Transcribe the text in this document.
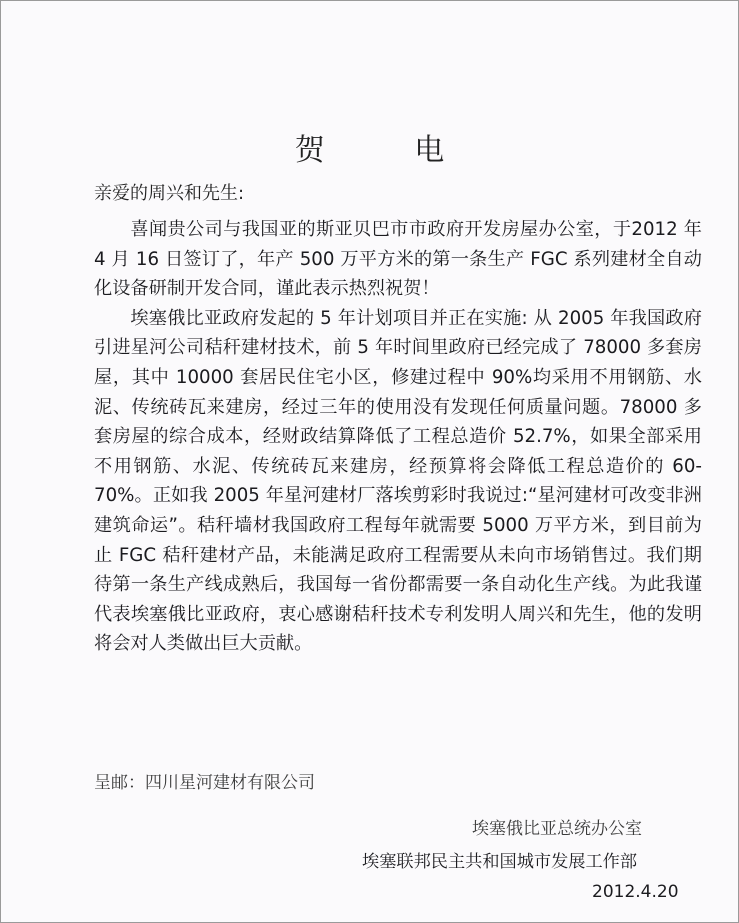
贺 电
亲爱的周兴和先生:

喜闻贵公司与我国亚的斯亚贝巴市市政府开发房屋办公室，于2012 年 4 月 16 日签订了，年产 500 万平方米的第一条生产 FGC 系列建材全自动化设备研制开发合同，谨此表示热烈祝贺！

埃塞俄比亚政府发起的 5 年计划项目并正在实施: 从 2005 年我国政府引进星河公司秸秆建材技术，前 5 年时间里政府已经完成了 78000 多套房屋，其中 10000 套居民住宅小区，修建过程中 90%均采用不用钢筋、水泥、传统砖瓦来建房，经过三年的使用没有发现任何质量问题。78000 多套房屋的综合成本，经财政结算降低了工程总造价 52.7%，如果全部采用不用钢筋、水泥、传统砖瓦来建房，经预算将会降低工程总造价的 60-70%。正如我 2005 年星河建材厂落埃剪彩时我说过:“星河建材可改变非洲建筑命运”。秸秆墙材我国政府工程每年就需要 5000 万平方米，到目前为止 FGC 秸秆建材产品，未能满足政府工程需要从未向市场销售过。我们期待第一条生产线成熟后，我国每一省份都需要一条自动化生产线。为此我谨代表埃塞俄比亚政府，衷心感谢秸秆技术专利发明人周兴和先生，他的发明将会对人类做出巨大贡献。

呈邮：四川星河建材有限公司
埃塞俄比亚总统办公室
埃塞联邦民主共和国城市发展工作部
2012.4.20
